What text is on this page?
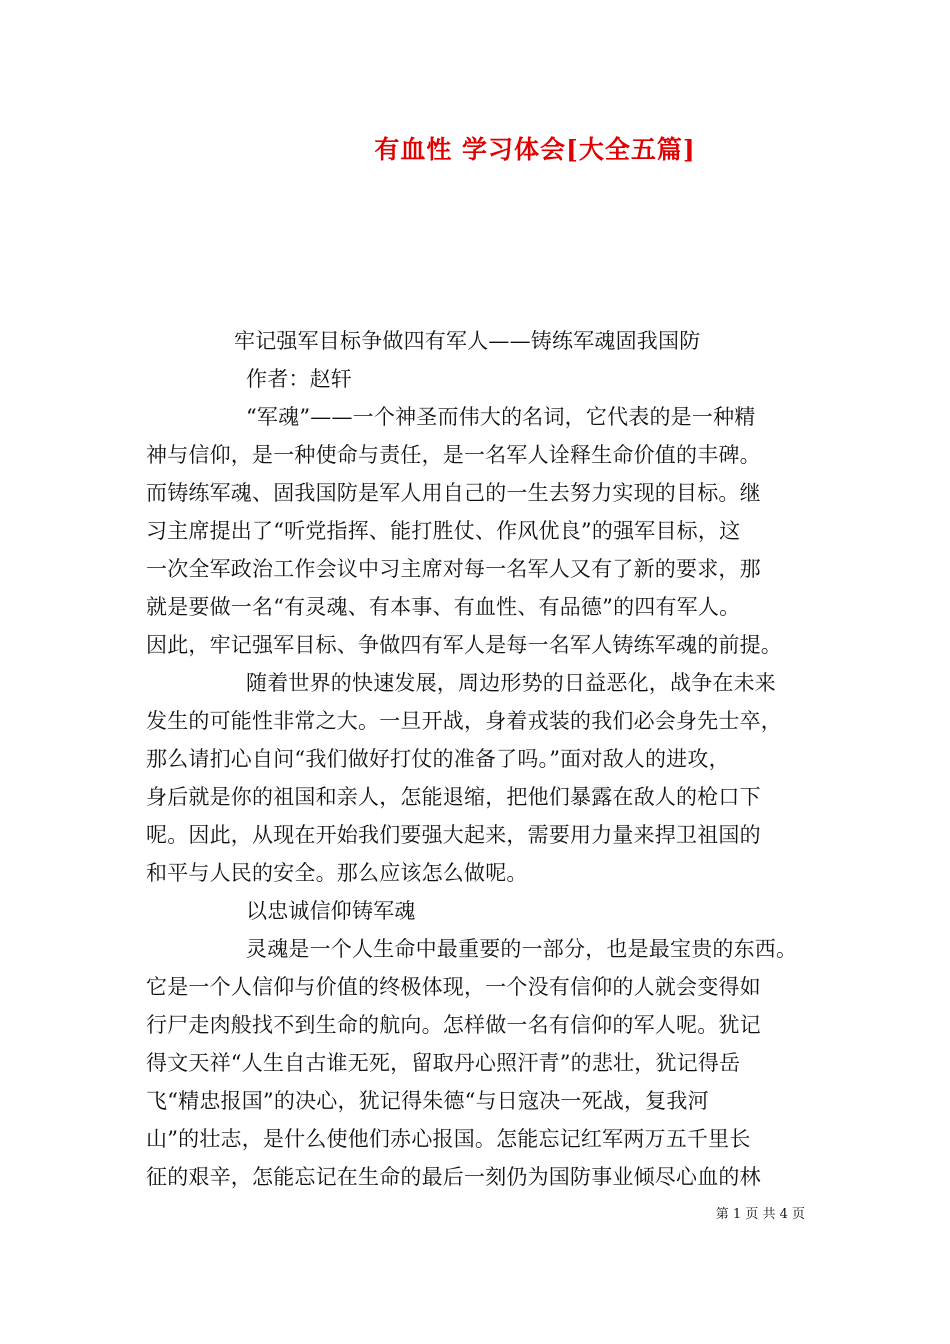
有血性 学习体会[大全五篇]
牢记强军目标争做四有军人——铸练军魂固我国防
作者：赵轩
“军魂”——一个神圣而伟大的名词，它代表的是一种精
神与信仰，是一种使命与责任，是一名军人诠释生命价值的丰碑。
而铸练军魂、固我国防是军人用自己的一生去努力实现的目标。继
习主席提出了“听党指挥、能打胜仗、作风优良”的强军目标，这
一次全军政治工作会议中习主席对每一名军人又有了新的要求，那
就是要做一名“有灵魂、有本事、有血性、有品德”的四有军人。
因此，牢记强军目标、争做四有军人是每一名军人铸练军魂的前提。
随着世界的快速发展，周边形势的日益恶化，战争在未来
发生的可能性非常之大。一旦开战，身着戎装的我们必会身先士卒，
那么请扪心自问“我们做好打仗的准备了吗。”面对敌人的进攻，
身后就是你的祖国和亲人，怎能退缩，把他们暴露在敌人的枪口下
呢。因此，从现在开始我们要强大起来，需要用力量来捍卫祖国的
和平与人民的安全。那么应该怎么做呢。
以忠诚信仰铸军魂
灵魂是一个人生命中最重要的一部分，也是最宝贵的东西。
它是一个人信仰与价值的终极体现，一个没有信仰的人就会变得如
行尸走肉般找不到生命的航向。怎样做一名有信仰的军人呢。犹记
得文天祥“人生自古谁无死，留取丹心照汗青”的悲壮，犹记得岳
飞“精忠报国”的决心，犹记得朱德“与日寇决一死战，复我河
山”的壮志，是什么使他们赤心报国。怎能忘记红军两万五千里长
征的艰辛，怎能忘记在生命的最后一刻仍为国防事业倾尽心血的林
第 1 页 共 4 页
